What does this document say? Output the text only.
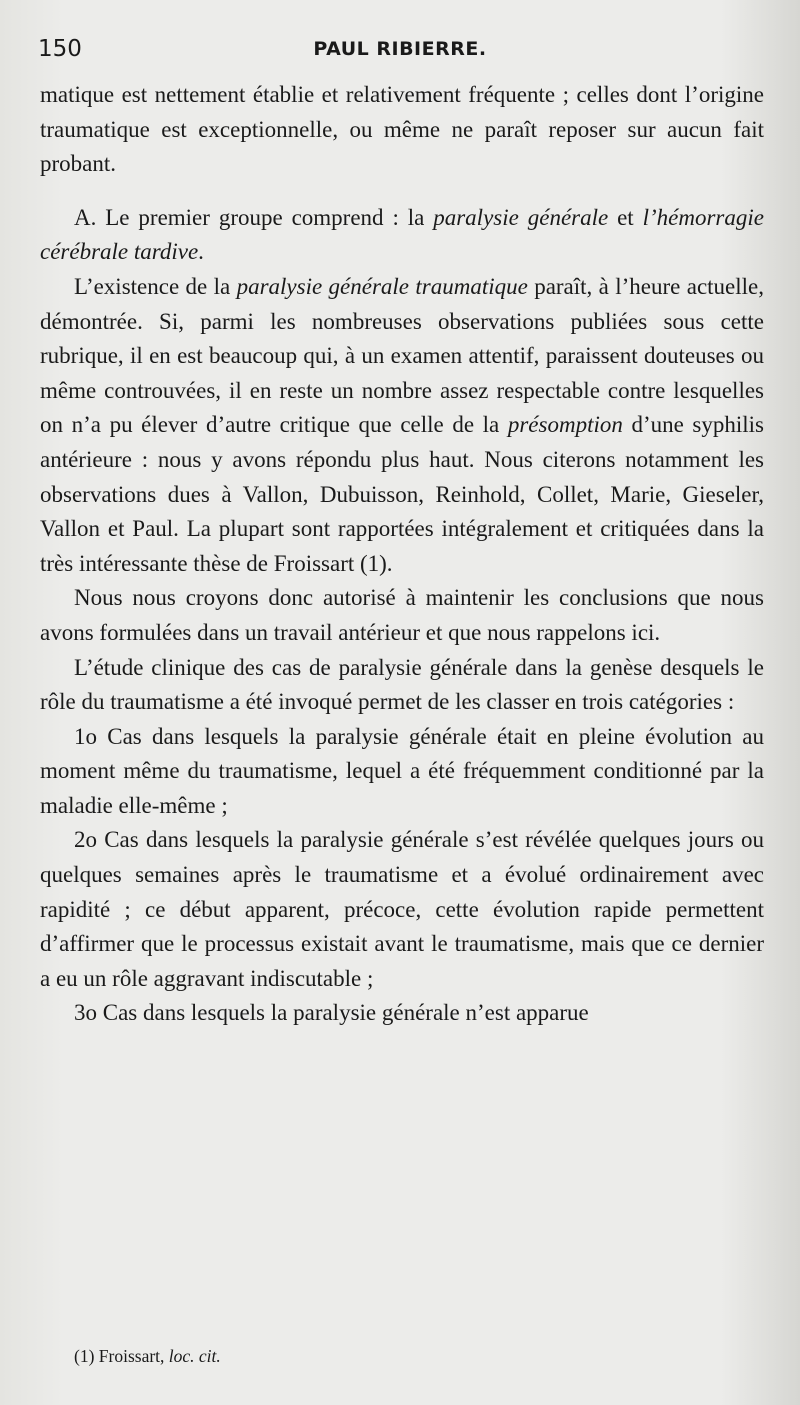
150	PAUL RIBIERRE.

matique est nettement établie et relativement fréquente ; celles dont l’origine traumatique est exceptionnelle, ou même ne paraît reposer sur aucun fait probant.

A. Le premier groupe comprend : la paralysie générale et l’hémorragie cérébrale tardive.

L’existence de la paralysie générale traumatique paraît, à l’heure actuelle, démontrée. Si, parmi les nombreuses observations publiées sous cette rubrique, il en est beaucoup qui, à un examen attentif, paraissent douteuses ou même controuvées, il en reste un nombre assez respectable contre lesquelles on n’a pu élever d’autre critique que celle de la présomption d’une syphilis antérieure : nous y avons répondu plus haut. Nous citerons notamment les observations dues à Vallon, Dubuisson, Reinhold, Collet, Marie, Gieseler, Vallon et Paul. La plupart sont rapportées intégralement et critiquées dans la très intéressante thèse de Froissart (1).

Nous nous croyons donc autorisé à maintenir les conclusions que nous avons formulées dans un travail antérieur et que nous rappelons ici.

L’étude clinique des cas de paralysie générale dans la genèse desquels le rôle du traumatisme a été invoqué permet de les classer en trois catégories :

1o Cas dans lesquels la paralysie générale était en pleine évolution au moment même du traumatisme, lequel a été fréquemment conditionné par la maladie elle-même ;

2o Cas dans lesquels la paralysie générale s’est révélée quelques jours ou quelques semaines après le traumatisme et a évolué ordinairement avec rapidité ; ce début apparent, précoce, cette évolution rapide permettent d’affirmer que le processus existait avant le traumatisme, mais que ce dernier a eu un rôle aggravant indiscutable ;

3o Cas dans lesquels la paralysie générale n’est apparue

(1) Froissart, loc. cit.
